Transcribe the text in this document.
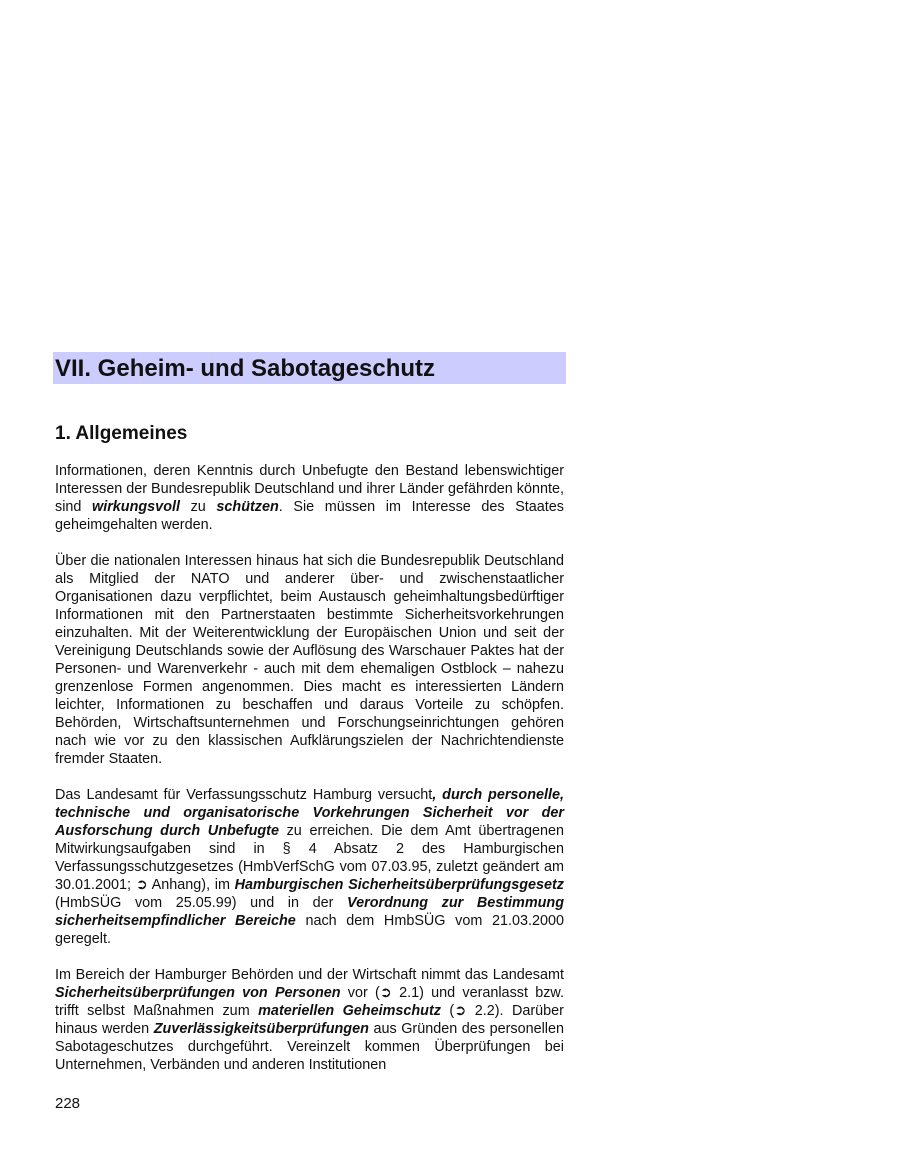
VII. Geheim- und Sabotageschutz
1. Allgemeines

Informationen, deren Kenntnis durch Unbefugte den Bestand lebenswichtiger Interessen der Bundesrepublik Deutschland und ihrer Länder gefährden könnte, sind wirkungsvoll zu schützen. Sie müssen im Interesse des Staates geheimgehalten werden.

Über die nationalen Interessen hinaus hat sich die Bundesrepublik Deutschland als Mitglied der NATO und anderer über- und zwischenstaatlicher Organisationen dazu verpflichtet, beim Austausch geheimhaltungsbedürftiger Informationen mit den Partnerstaaten bestimmte Sicherheitsvorkehrungen einzuhalten. Mit der Weiterentwicklung der Europäischen Union und seit der Vereinigung Deutschlands sowie der Auflösung des Warschauer Paktes hat der Personen- und Warenverkehr - auch mit dem ehemaligen Ostblock – nahezu grenzenlose Formen angenommen. Dies macht es interessierten Ländern leichter, Informationen zu beschaffen und daraus Vorteile zu schöpfen. Behörden, Wirtschaftsunternehmen und Forschungseinrichtungen gehören nach wie vor zu den klassischen Aufklärungszielen der Nachrichtendienste fremder Staaten.

Das Landesamt für Verfassungsschutz Hamburg versucht, durch personelle, technische und organisatorische Vorkehrungen Sicherheit vor der Ausforschung durch Unbefugte zu erreichen. Die dem Amt übertragenen Mitwirkungsaufgaben sind in § 4 Absatz 2 des Hamburgischen Verfassungsschutzgesetzes (HmbVerfSchG vom 07.03.95, zuletzt geändert am 30.01.2001; ➲ Anhang), im Hamburgischen Sicherheitsüberprüfungsgesetz (HmbSÜG vom 25.05.99) und in der Verordnung zur Bestimmung sicherheitsempfindlicher Bereiche nach dem HmbSÜG vom 21.03.2000 geregelt.

Im Bereich der Hamburger Behörden und der Wirtschaft nimmt das Landesamt Sicherheitsüberprüfungen von Personen vor (➲ 2.1) und veranlasst bzw. trifft selbst Maßnahmen zum materiellen Geheimschutz (➲ 2.2). Darüber hinaus werden Zuverlässigkeitsüberprüfungen aus Gründen des personellen Sabotageschutzes durchgeführt. Vereinzelt kommen Überprüfungen bei Unternehmen, Verbänden und anderen Institutionen

228
